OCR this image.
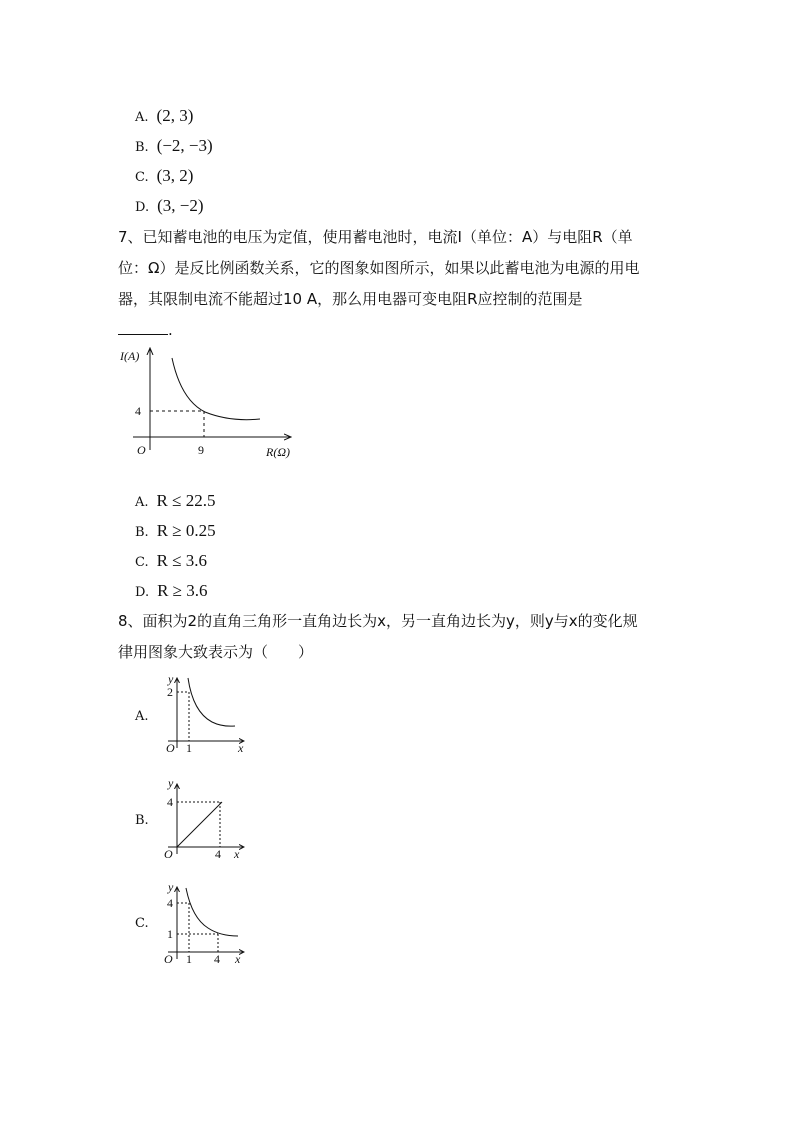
A. (2, 3)
B. (−2, −3)
C. (3, 2)
D. (3, −2)
7、已知蓄电池的电压为定值，使用蓄电池时，电流I（单位：A）与电阻R（单
位：Ω）是反比例函数关系，它的图象如图所示，如果以此蓄电池为电源的用电
器，其限制电流不能超过10 A，那么用电器可变电阻R应控制的范围是
.
I(A)
4
9
O	R(Ω)
A. R ≤ 22.5
B. R ≥ 0.25
C. R ≤ 3.6
D. R ≥ 3.6
8、面积为2的直角三角形一直角边长为x，另一直角边长为y，则y与x的变化规
律用图象大致表示为（　　）
A.
y
2
O 1	x
B.
y
4
O	4 x
C.
y
4
1
O 1 4 x
